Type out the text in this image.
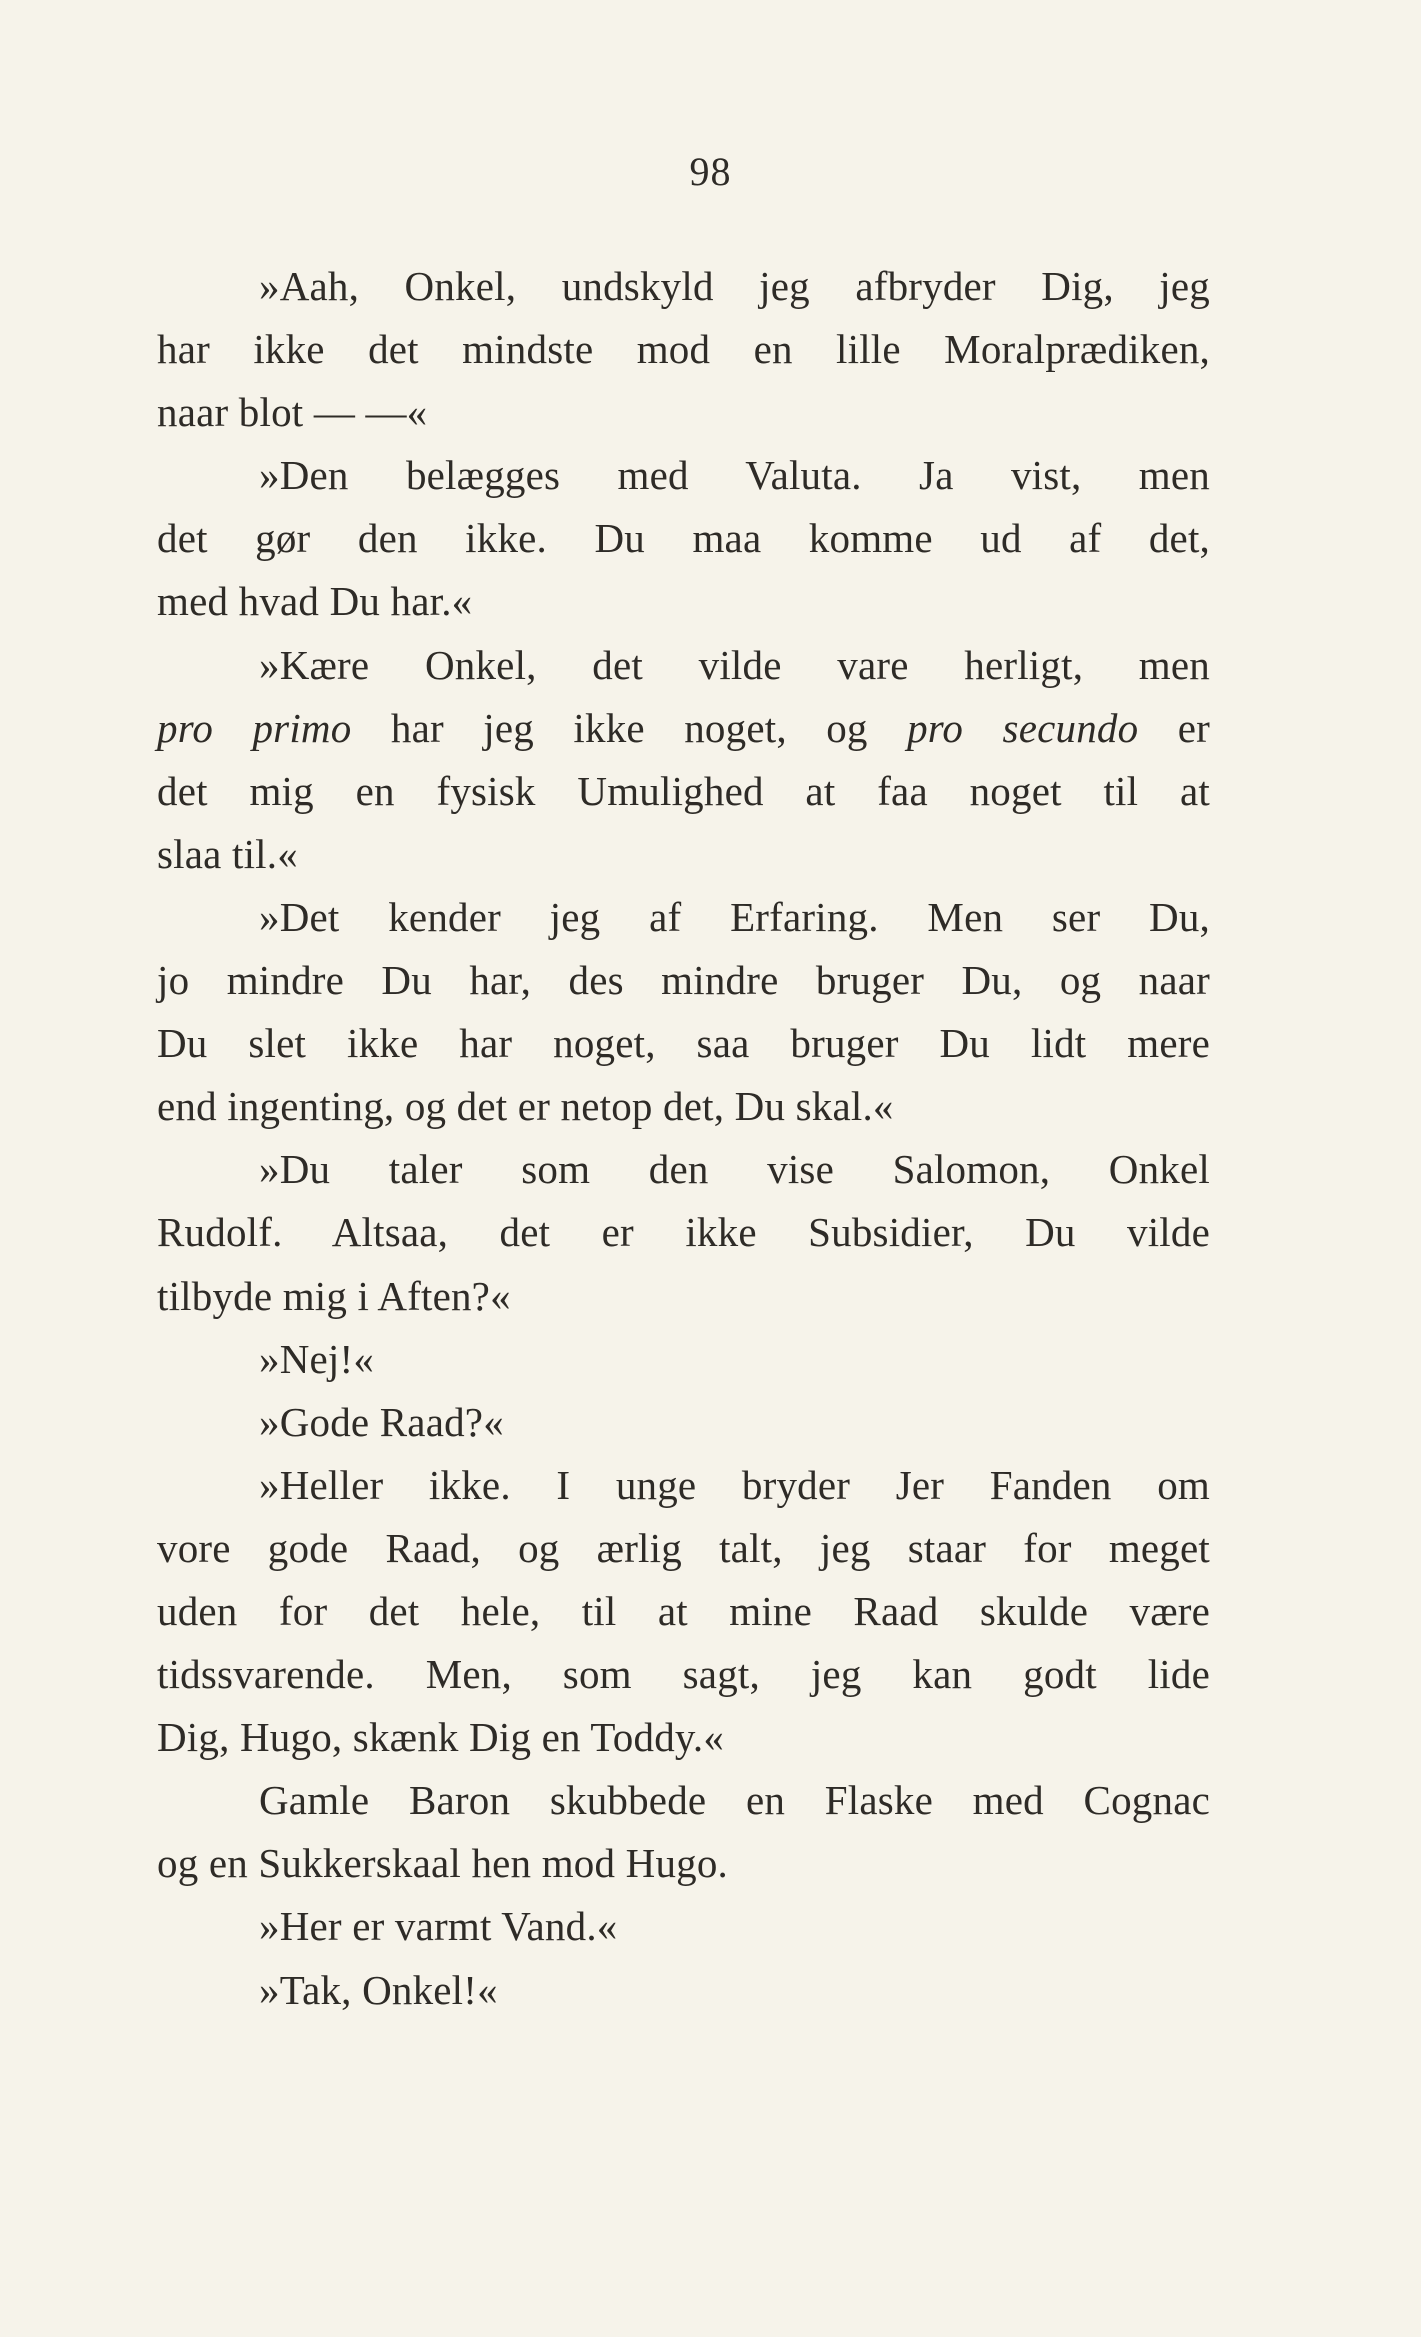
98
»Aah, Onkel, undskyld jeg afbryder Dig, jeg
har ikke det mindste mod en lille Moralprædiken,
naar blot — —«
»Den belægges med Valuta. Ja vist, men
det gør den ikke. Du maa komme ud af det,
med hvad Du har.«
»Kære Onkel, det vilde vare herligt, men
pro primo har jeg ikke noget, og pro secundo er
det mig en fysisk Umulighed at faa noget til at
slaa til.«
»Det kender jeg af Erfaring. Men ser Du,
jo mindre Du har, des mindre bruger Du, og naar
Du slet ikke har noget, saa bruger Du lidt mere
end ingenting, og det er netop det, Du skal.«
»Du taler som den vise Salomon, Onkel
Rudolf. Altsaa, det er ikke Subsidier, Du vilde
tilbyde mig i Aften?«
»Nej!«
»Gode Raad?«
»Heller ikke. I unge bryder Jer Fanden om
vore gode Raad, og ærlig talt, jeg staar for meget
uden for det hele, til at mine Raad skulde være
tidssvarende. Men, som sagt, jeg kan godt lide
Dig, Hugo, skænk Dig en Toddy.«
Gamle Baron skubbede en Flaske med Cognac
og en Sukkerskaal hen mod Hugo.
»Her er varmt Vand.«
»Tak, Onkel!«
